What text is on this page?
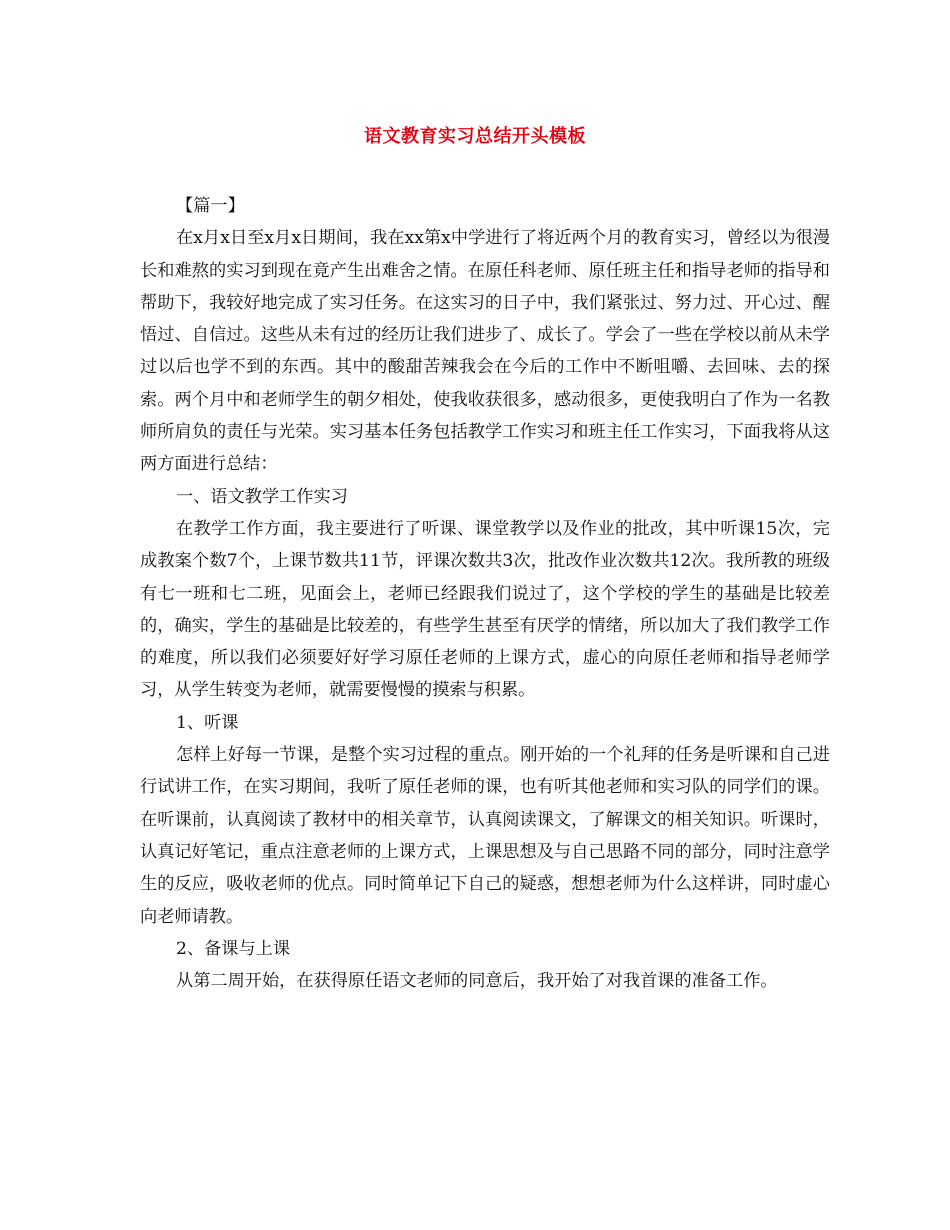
语文教育实习总结开头模板

【篇一】

在x月x日至x月x日期间，我在xx第x中学进行了将近两个月的教育实习，曾经以为很漫长和难熬的实习到现在竟产生出难舍之情。在原任科老师、原任班主任和指导老师的指导和帮助下，我较好地完成了实习任务。在这实习的日子中，我们紧张过、努力过、开心过、醒悟过、自信过。这些从未有过的经历让我们进步了、成长了。学会了一些在学校以前从未学过以后也学不到的东西。其中的酸甜苦辣我会在今后的工作中不断咀嚼、去回味、去的探索。两个月中和老师学生的朝夕相处，使我收获很多，感动很多，更使我明白了作为一名教师所肩负的责任与光荣。实习基本任务包括教学工作实习和班主任工作实习，下面我将从这两方面进行总结：

一、语文教学工作实习

在教学工作方面，我主要进行了听课、课堂教学以及作业的批改，其中听课15次，完成教案个数7个，上课节数共11节，评课次数共3次，批改作业次数共12次。我所教的班级有七一班和七二班，见面会上，老师已经跟我们说过了，这个学校的学生的基础是比较差的，确实，学生的基础是比较差的，有些学生甚至有厌学的情绪，所以加大了我们教学工作的难度，所以我们必须要好好学习原任老师的上课方式，虚心的向原任老师和指导老师学习，从学生转变为老师，就需要慢慢的摸索与积累。

1、听课

怎样上好每一节课，是整个实习过程的重点。刚开始的一个礼拜的任务是听课和自己进行试讲工作，在实习期间，我听了原任老师的课，也有听其他老师和实习队的同学们的课。在听课前，认真阅读了教材中的相关章节，认真阅读课文，了解课文的相关知识。听课时，认真记好笔记，重点注意老师的上课方式，上课思想及与自己思路不同的部分，同时注意学生的反应，吸收老师的优点。同时简单记下自己的疑惑，想想老师为什么这样讲，同时虚心向老师请教。

2、备课与上课

从第二周开始，在获得原任语文老师的同意后，我开始了对我首课的准备工作。
